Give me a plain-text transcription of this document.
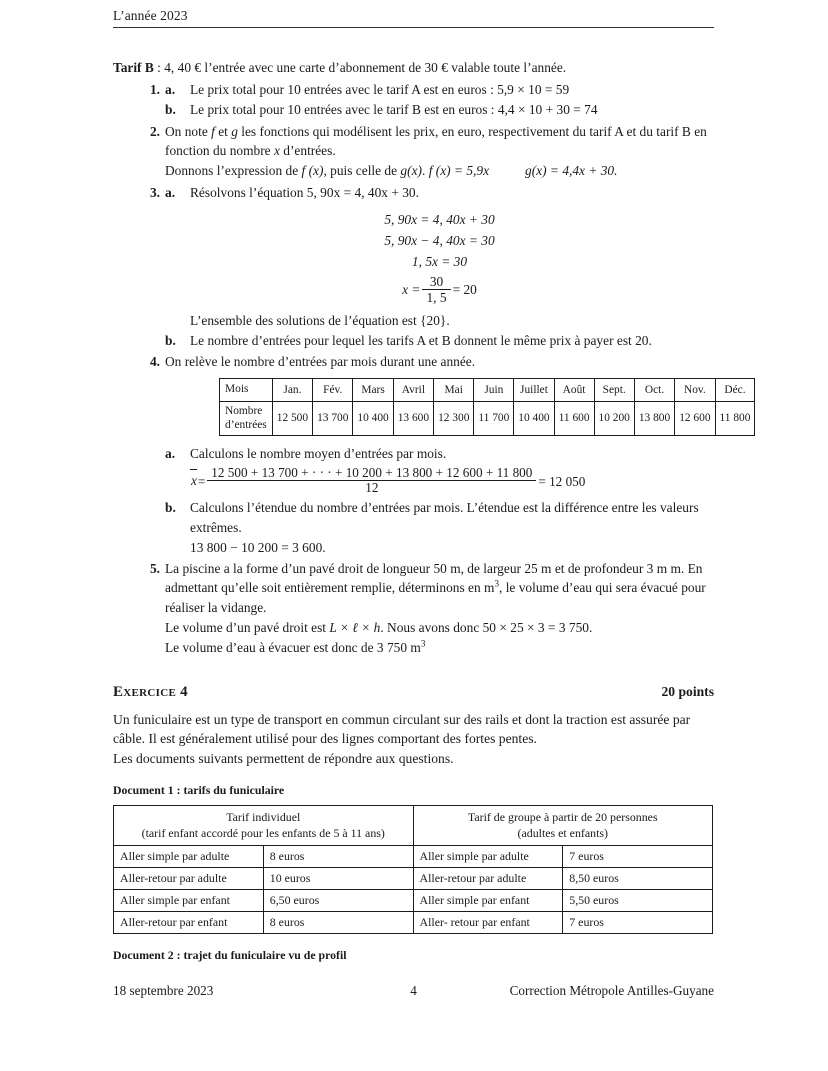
L’année 2023

Tarif B : 4, 40 € l’entrée avec une carte d’abonnement de 30 € valable toute l’année.

1. a. Le prix total pour 10 entrées avec le tarif A est en euros : 5,9 × 10 = 59
b. Le prix total pour 10 entrées avec le tarif B est en euros : 4,4 × 10 + 30 = 74
2. On note f et g les fonctions qui modélisent les prix, en euro, respectivement du tarif A et du tarif B en fonction du nombre x d’entrées.
Donnons l’expression de f (x), puis celle de g(x). f (x) = 5,9x	g(x) = 4,4x + 30.
3. a. Résolvons l’équation 5, 90x = 4, 40x + 30.
5, 90x = 4, 40x + 30
5, 90x − 4, 40x = 30
1, 5x = 30
$x = \frac{30}{1, 5} = 20$
L’ensemble des solutions de l’équation est {20}.
b. Le nombre d’entrées pour lequel les tarifs A et B donnent le même prix à payer est 20.
4. On relève le nombre d’entrées par mois durant une année.
Mois	Jan.	Fév.	Mars	Avril	Mai	Juin	Juillet	Août	Sept.	Oct.	Nov.	Déc.
Nombre
d’entrées	12 500	13 700	10 400	13 600	12 300	11 700	10 400	11 600	10 200	13 800	12 600	11 800
a. Calculons le nombre moyen d’entrées par mois.
$x= \frac{12 500 + 13 700 + \cdot \cdot \cdot + 10 200 + 13 800 + 12 600 + 11 800}{12} = 12$ 050
b. Calculons l’étendue du nombre d’entrées par mois. L’étendue est la différence entre les valeurs extrêmes.
13 800 − 10 200 = 3 600.
5. La piscine a la forme d’un pavé droit de longueur 50 m, de largeur 25 m et de profondeur 3 m m. En admettant qu’elle soit entièrement remplie, déterminons en $m^3$, le volume d’eau qui sera évacué pour réaliser la vidange.
Le volume d’un pavé droit est L × ℓ × h. Nous avons donc 50 × 25 × 3 = 3 750.
Le volume d’eau à évacuer est donc de 3 750 $m^3$
Exercice 4	20 points

Un funiculaire est un type de transport en commun circulant sur des rails et dont la traction est assurée par câble. Il est généralement utilisé pour des lignes comportant des fortes pentes.

Les documents suivants permettent de répondre aux questions.

Document 1 : tarifs du funiculaire
Tarif individuel
(tarif enfant accordé pour les enfants de 5 à 11 ans)		Tarif de groupe à partir de 20 personnes
(adultes et enfants)	
Aller simple par adulte	8 euros	Aller simple par adulte	7 euros
Aller-retour par adulte	10 euros	Aller-retour par adulte	8,50 euros
Aller simple par enfant	6,50 euros	Aller simple par enfant	5,50 euros
Aller-retour par enfant	8 euros	Aller- retour par enfant	7 euros
Document 2 : trajet du funiculaire vu de profil
18 septembre 2023	4	Correction Métropole Antilles-Guyane
